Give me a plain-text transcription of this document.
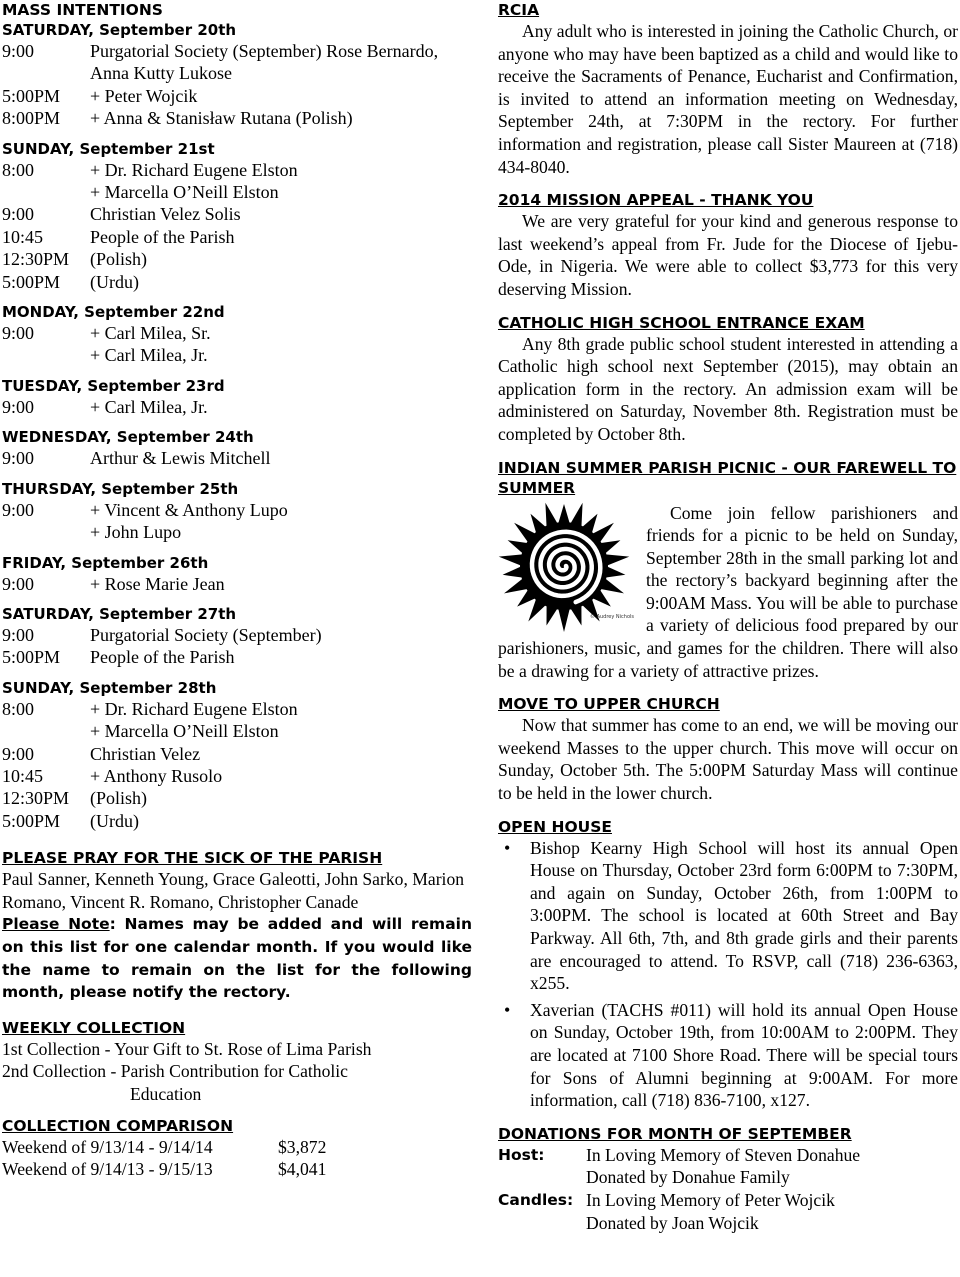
MASS INTENTIONS
SATURDAY, September 20th
9:00	Purgatorial Society (September) Rose Bernardo,
Anna Kutty Lukose
5:00PM	+ Peter Wojcik
8:00PM	+ Anna & Stanisław Rutana (Polish)
SUNDAY, September 21st
8:00	+ Dr. Richard Eugene Elston
+ Marcella O’Neill Elston
9:00	Christian Velez Solis
10:45	People of the Parish
12:30PM	(Polish)
5:00PM	(Urdu)
MONDAY, September 22nd
9:00	+ Carl Milea, Sr.
+ Carl Milea, Jr.
TUESDAY, September 23rd
9:00	+ Carl Milea, Jr.
WEDNESDAY, September 24th
9:00	Arthur & Lewis Mitchell
THURSDAY, September 25th
9:00	+ Vincent & Anthony Lupo
+ John Lupo
FRIDAY, September 26th
9:00	+ Rose Marie Jean
SATURDAY, September 27th
9:00	Purgatorial Society (September)
5:00PM	People of the Parish
SUNDAY, September 28th
8:00	+ Dr. Richard Eugene Elston
+ Marcella O’Neill Elston
9:00	Christian Velez
10:45	+ Anthony Rusolo
12:30PM	(Polish)
5:00PM	(Urdu)
PLEASE PRAY FOR THE SICK OF THE PARISH

Paul Sanner, Kenneth Young, Grace Galeotti, John Sarko, Marion Romano, Vincent R. Romano, Christopher Canade

Please Note: Names may be added and will remain on this list for one calendar month. If you would like the name to remain on the list for the following month, please notify the rectory.
WEEKLY COLLECTION
1st Collection - Your Gift to St. Rose of Lima Parish
2nd Collection - Parish Contribution for Catholic
Education
COLLECTION COMPARISON
Weekend of 9/13/14 - 9/14/14	$3,872
Weekend of 9/14/13 - 9/15/13	$4,041
RCIA

Any adult who is interested in joining the Catholic Church, or anyone who may have been baptized as a child and would like to receive the Sacraments of Penance, Eucharist and Confirmation, is invited to attend an information meeting on Wednesday, September 24th, at 7:30PM in the rectory. For further information and registration, please call Sister Maureen at (718) 434-8040.

2014 MISSION APPEAL - THANK YOU

We are very grateful for your kind and generous response to last weekend’s appeal from Fr. Jude for the Diocese of Ijebu-Ode, in Nigeria. We were able to collect $3,773 for this very deserving Mission.

CATHOLIC HIGH SCHOOL ENTRANCE EXAM

Any 8th grade public school student interested in attending a Catholic high school next September (2015), may obtain an application form in the rectory. An admission exam will be administered on Saturday, November 8th. Registration must be completed by October 8th.

INDIAN SUMMER PARISH PICNIC - OUR FAREWELL TO SUMMER
© Audrey Nichols

Come join fellow parishioners and friends for a picnic to be held on Sunday, September 28th in the small parking lot and the rectory’s backyard beginning after the 9:00AM Mass. You will be able to purchase a variety of delicious food prepared by our parishioners, music, and games for the children. There will also be a drawing for a variety of attractive prizes.

MOVE TO UPPER CHURCH

Now that summer has come to an end, we will be moving our weekend Masses to the upper church. This move will occur on Sunday, October 5th. The 5:00PM Saturday Mass will continue to be held in the lower church.

OPEN HOUSE
• Bishop Kearny High School will host its annual Open House on Thursday, October 23rd form 6:00PM to 7:30PM, and again on Sunday, October 26th, from 1:00PM to 3:00PM. The school is located at 60th Street and Bay Parkway. All 6th, 7th, and 8th grade girls and their parents are encouraged to attend. To RSVP, call (718) 236-6363, x255.
• Xaverian (TACHS #011) will hold its annual Open House on Sunday, October 19th, from 10:00AM to 2:00PM. They are located at 7100 Shore Road. There will be special tours for Sons of Alumni beginning at 9:00AM. For more information, call (718) 836-7100, x127.
DONATIONS FOR MONTH OF SEPTEMBER
Host:	In Loving Memory of Steven Donahue
Donated by Donahue Family
Candles: In Loving Memory of Peter Wojcik
Donated by Joan Wojcik
